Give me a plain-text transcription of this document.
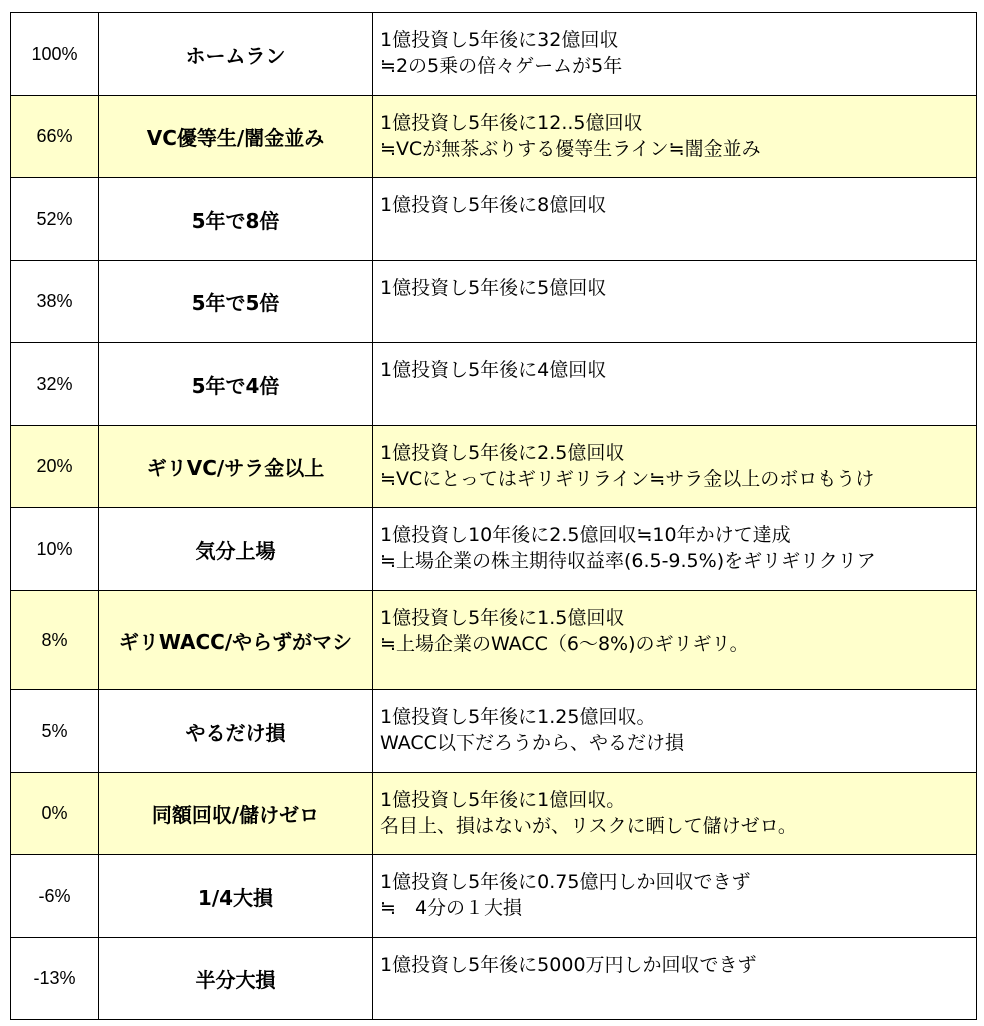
100%	ホームラン	1億投資し5年後に32億回収
≒2の5乗の倍々ゲームが5年

66%	VC優等生/闇金並み	1億投資し5年後に12..5億回収
≒VCが無茶ぶりする優等生ライン≒闇金並み

52%	5年で8倍	1億投資し5年後に8億回収

38%	5年で5倍	1億投資し5年後に5億回収

32%	5年で4倍	1億投資し5年後に4億回収

20%	ギリVC/サラ金以上	1億投資し5年後に2.5億回収
≒VCにとってはギリギリライン≒サラ金以上のボロもうけ

10%	気分上場	1億投資し10年後に2.5億回収≒10年かけて達成
≒上場企業の株主期待収益率(6.5-9.5%)をギリギリクリア

8%	ギリWACC/やらずがマシ	1億投資し5年後に1.5億回収
≒上場企業のWACC（6～8%)のギリギリ。

5%	やるだけ損	1億投資し5年後に1.25億回収。
WACC以下だろうから、やるだけ損

0%	同額回収/儲けゼロ	1億投資し5年後に1億回収。
名目上、損はないが、リスクに晒して儲けゼロ。

-6%	1/4大損	1億投資し5年後に0.75億円しか回収できず
≒　4分の１大損

-13%	半分大損	1億投資し5年後に5000万円しか回収できず
